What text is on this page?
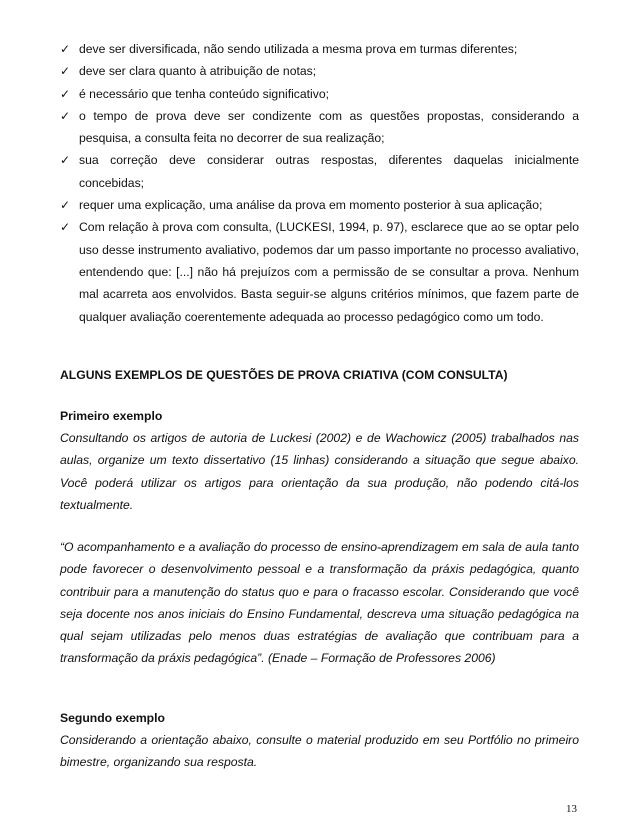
✓ deve ser diversificada, não sendo utilizada a mesma prova em turmas diferentes;
✓ deve ser clara quanto à atribuição de notas;
✓ é necessário que tenha conteúdo significativo;
✓ o tempo de prova deve ser condizente com as questões propostas, considerando a pesquisa, a consulta feita no decorrer de sua realização;
✓ sua correção deve considerar outras respostas, diferentes daquelas inicialmente concebidas;
✓ requer uma explicação, uma análise da prova em momento posterior à sua aplicação;
✓ Com relação à prova com consulta, (LUCKESI, 1994, p. 97), esclarece que ao se optar pelo uso desse instrumento avaliativo, podemos dar um passo importante no processo avaliativo, entendendo que: [...] não há prejuízos com a permissão de se consultar a prova. Nenhum mal acarreta aos envolvidos. Basta seguir-se alguns critérios mínimos, que fazem parte de qualquer avaliação coerentemente adequada ao processo pedagógico como um todo.
ALGUNS EXEMPLOS DE QUESTÕES DE PROVA CRIATIVA (COM CONSULTA)
Primeiro exemplo

Consultando os artigos de autoria de Luckesi (2002) e de Wachowicz (2005) trabalhados nas aulas, organize um texto dissertativo (15 linhas) considerando a situação que segue abaixo. Você poderá utilizar os artigos para orientação da sua produção, não podendo citá-los textualmente.

“O acompanhamento e a avaliação do processo de ensino-aprendizagem em sala de aula tanto pode favorecer o desenvolvimento pessoal e a transformação da práxis pedagógica, quanto contribuir para a manutenção do status quo e para o fracasso escolar. Considerando que você seja docente nos anos iniciais do Ensino Fundamental, descreva uma situação pedagógica na qual sejam utilizadas pelo menos duas estratégias de avaliação que contribuam para a transformação da práxis pedagógica”. (Enade – Formação de Professores 2006)

Segundo exemplo

Considerando a orientação abaixo, consulte o material produzido em seu Portfólio no primeiro bimestre, organizando sua resposta.

13
